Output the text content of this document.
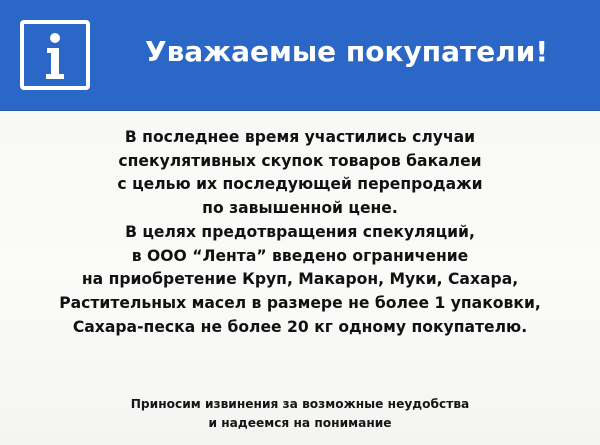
Уважаемые покупатели!
В последнее время участились случаи
спекулятивных скупок товаров бакалеи
с целью их последующей перепродажи
по завышенной цене.
В целях предотвращения спекуляций,
в ООО “Лента” введено ограничение
на приобретение Круп, Макарон, Муки, Сахара,
Растительных масел в размере не более 1 упаковки,
Сахара-песка не более 20 кг одному покупателю.
Приносим извинения за возможные неудобства
и надеемся на понимание
